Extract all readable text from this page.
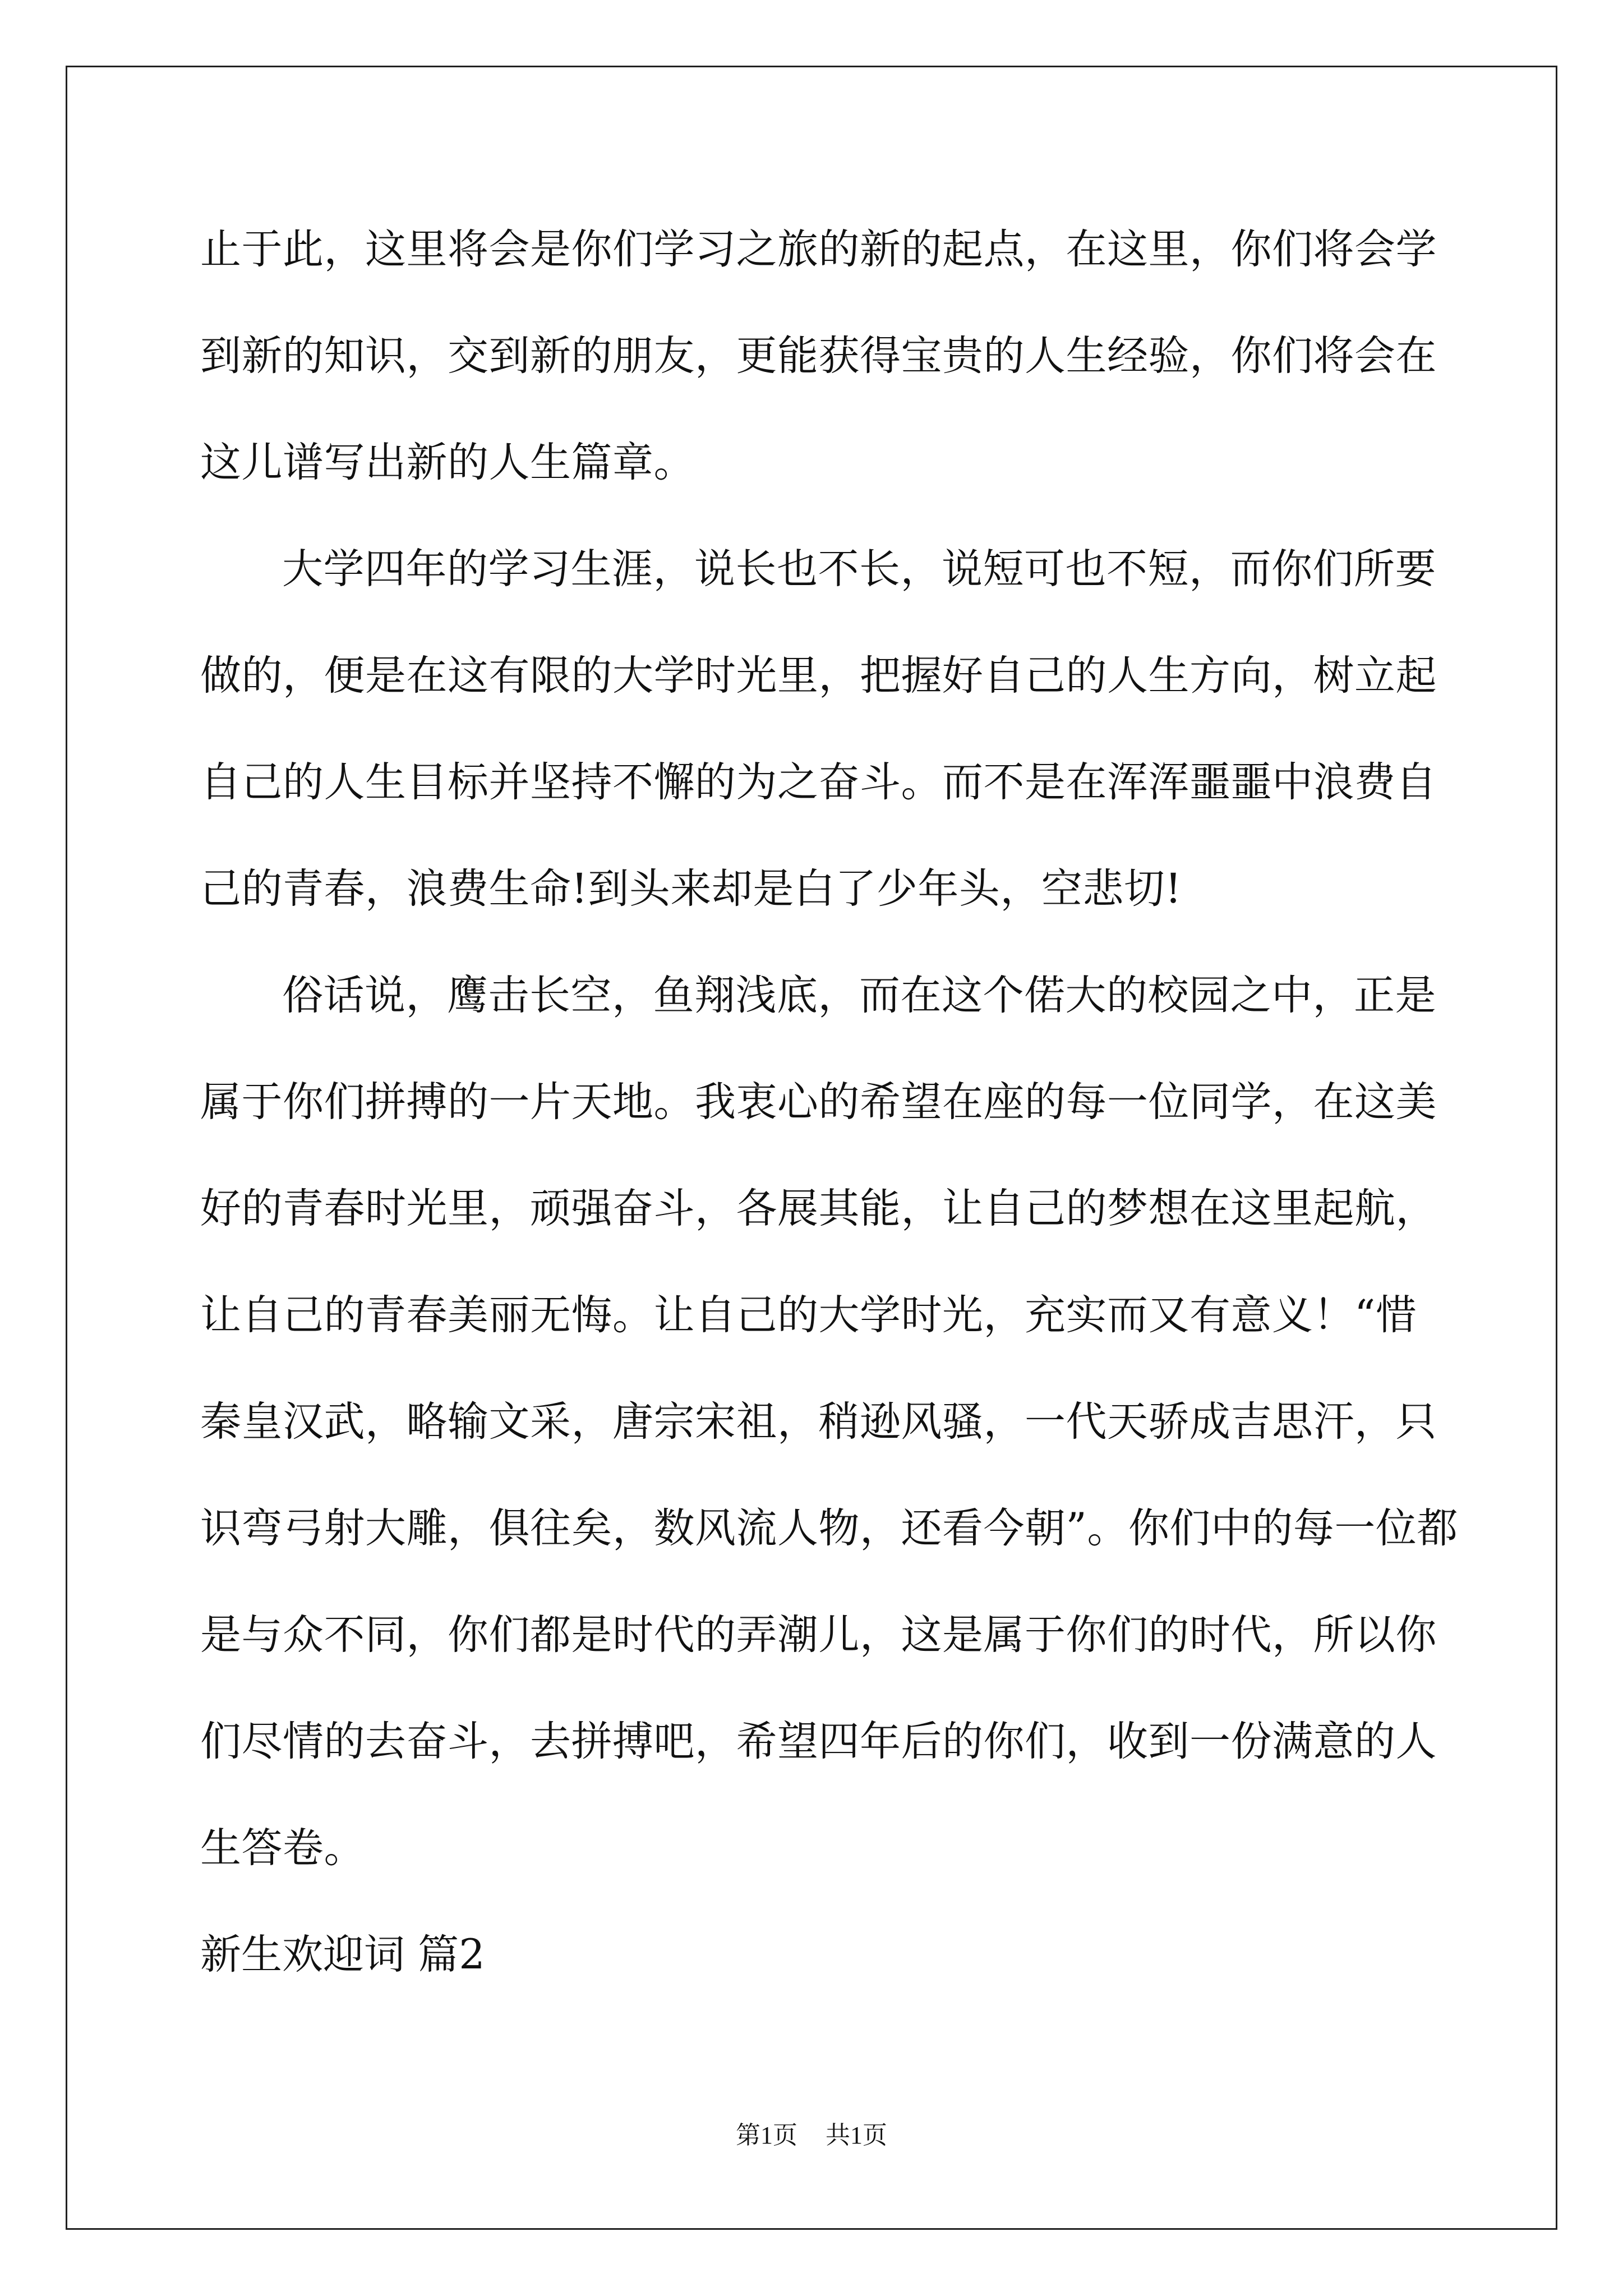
止于此，这里将会是你们学习之旅的新的起点，在这里，你们将会学
到新的知识，交到新的朋友，更能获得宝贵的人生经验，你们将会在
这儿谱写出新的人生篇章。
大学四年的学习生涯，说长也不长，说短可也不短，而你们所要
做的，便是在这有限的大学时光里，把握好自己的人生方向，树立起
自己的人生目标并坚持不懈的为之奋斗。而不是在浑浑噩噩中浪费自
己的青春，浪费生命!到头来却是白了少年头，空悲切!
俗话说，鹰击长空，鱼翔浅底，而在这个偌大的校园之中，正是
属于你们拼搏的一片天地。我衷心的希望在座的每一位同学，在这美
好的青春时光里，顽强奋斗，各展其能，让自己的梦想在这里起航，
让自己的青春美丽无悔。让自己的大学时光，充实而又有意义！“惜
秦皇汉武，略输文采，唐宗宋祖，稍逊风骚，一代天骄成吉思汗，只
识弯弓射大雕，俱往矣，数风流人物，还看今朝”。你们中的每一位都
是与众不同，你们都是时代的弄潮儿，这是属于你们的时代，所以你
们尽情的去奋斗，去拼搏吧，希望四年后的你们，收到一份满意的人
生答卷。
新生欢迎词 篇2
第1页 共1页
